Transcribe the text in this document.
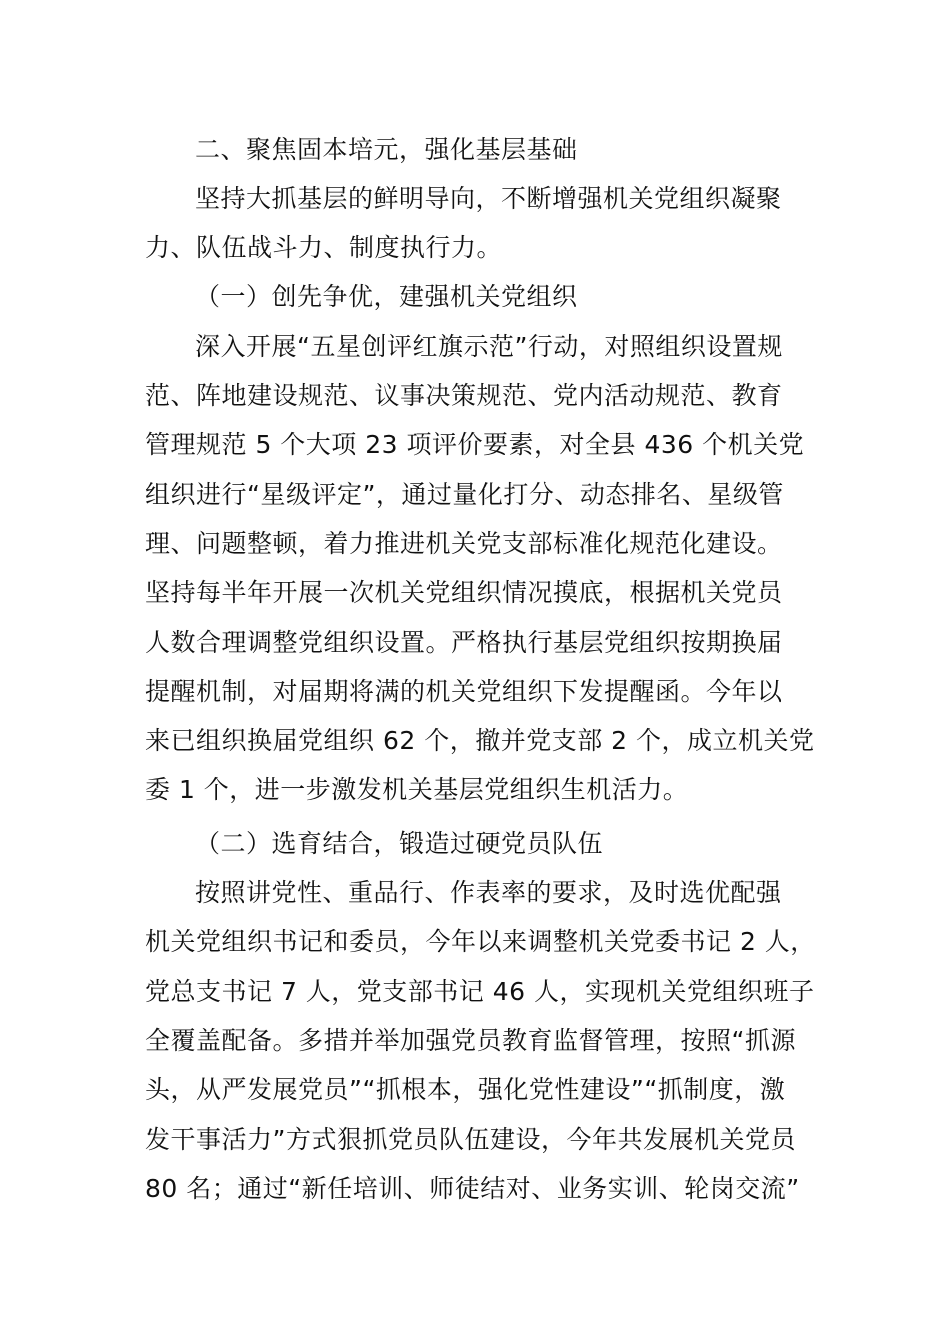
二、聚焦固本培元，强化基层基础
坚持大抓基层的鲜明导向，不断增强机关党组织凝聚
力、队伍战斗力、制度执行力。
（一）创先争优，建强机关党组织
深入开展“五星创评红旗示范”行动，对照组织设置规
范、阵地建设规范、议事决策规范、党内活动规范、教育
管理规范 5 个大项 23 项评价要素，对全县 436 个机关党
组织进行“星级评定”，通过量化打分、动态排名、星级管
理、问题整顿，着力推进机关党支部标准化规范化建设。
坚持每半年开展一次机关党组织情况摸底，根据机关党员
人数合理调整党组织设置。严格执行基层党组织按期换届
提醒机制，对届期将满的机关党组织下发提醒函。今年以
来已组织换届党组织 62 个，撤并党支部 2 个，成立机关党
委 1 个，进一步激发机关基层党组织生机活力。
（二）选育结合，锻造过硬党员队伍
按照讲党性、重品行、作表率的要求，及时选优配强
机关党组织书记和委员，今年以来调整机关党委书记 2 人，
党总支书记 7 人，党支部书记 46 人，实现机关党组织班子
全覆盖配备。多措并举加强党员教育监督管理，按照“抓源
头，从严发展党员”“抓根本，强化党性建设”“抓制度，激
发干事活力”方式狠抓党员队伍建设，今年共发展机关党员
80 名；通过“新任培训、师徒结对、业务实训、轮岗交流”
